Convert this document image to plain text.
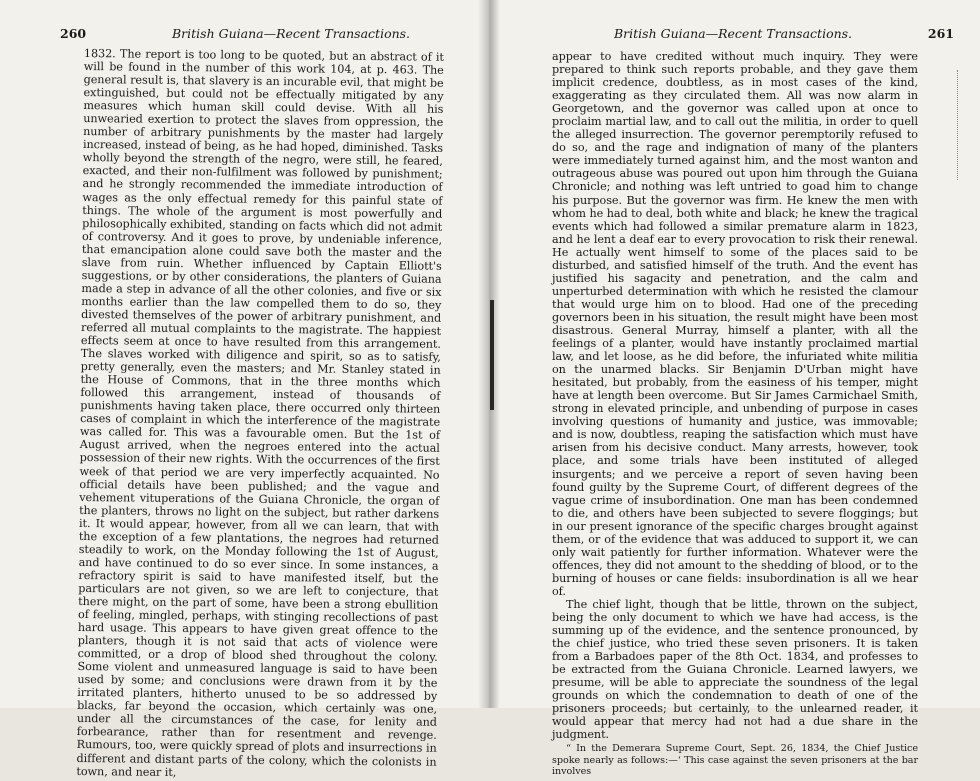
260	British Guiana—Recent Transactions.

1832. The report is too long to be quoted, but an abstract of it will be found in the number of this work 104, at p. 463. The general result is, that slavery is an incurable evil, that might be extinguished, but could not be effectually mitigated by any measures which human skill could devise. With all his unwearied exertion to protect the slaves from oppression, the number of arbitrary punishments by the master had largely increased, instead of being, as he had hoped, diminished. Tasks wholly beyond the strength of the negro, were still, he feared, exacted, and their non-fulfilment was followed by punishment; and he strongly recommended the immediate introduction of wages as the only effectual remedy for this painful state of things. The whole of the argument is most powerfully and philosophically exhibited, standing on facts which did not admit of controversy. And it goes to prove, by undeniable inference, that emancipation alone could save both the master and the slave from ruin. Whether influenced by Captain Elliott's suggestions, or by other considerations, the planters of Guiana made a step in advance of all the other colonies, and five or six months earlier than the law compelled them to do so, they divested themselves of the power of arbitrary punishment, and referred all mutual complaints to the magistrate. The happiest effects seem at once to have resulted from this arrangement. The slaves worked with diligence and spirit, so as to satisfy, pretty generally, even the masters; and Mr. Stanley stated in the House of Commons, that in the three months which followed this arrangement, instead of thousands of punishments having taken place, there occurred only thirteen cases of complaint in which the interference of the magistrate was called for. This was a favourable omen. But the 1st of August arrived, when the negroes entered into the actual possession of their new rights. With the occurrences of the first week of that period we are very imperfectly acquainted. No official details have been published; and the vague and vehement vituperations of the Guiana Chronicle, the organ of the planters, throws no light on the subject, but rather darkens it. It would appear, however, from all we can learn, that with the exception of a few plantations, the negroes had returned steadily to work, on the Monday following the 1st of August, and have continued to do so ever since. In some instances, a refractory spirit is said to have manifested itself, but the particulars are not given, so we are left to conjecture, that there might, on the part of some, have been a strong ebullition of feeling, mingled, perhaps, with stinging recollections of past hard usage. This appears to have given great offence to the planters, though it is not said that acts of violence were committed, or a drop of blood shed throughout the colony. Some violent and unmeasured language is said to have been used by some; and conclusions were drawn from it by the irritated planters, hitherto unused to be so addressed by blacks, far beyond the occasion, which certainly was one, under all the circumstances of the case, for lenity and forbearance, rather than for resentment and revenge. Rumours, too, were quickly spread of plots and insurrections in different and distant parts of the colony, which the colonists in town, and near it,

British Guiana—Recent Transactions.	261

appear to have credited without much inquiry. They were prepared to think such reports probable, and they gave them implicit credence, doubtless, as in most cases of the kind, exaggerating as they circulated them. All was now alarm in Georgetown, and the governor was called upon at once to proclaim martial law, and to call out the militia, in order to quell the alleged insurrection. The governor peremptorily refused to do so, and the rage and indignation of many of the planters were immediately turned against him, and the most wanton and outrageous abuse was poured out upon him through the Guiana Chronicle; and nothing was left untried to goad him to change his purpose. But the governor was firm. He knew the men with whom he had to deal, both white and black; he knew the tragical events which had followed a similar premature alarm in 1823, and he lent a deaf ear to every provocation to risk their renewal. He actually went himself to some of the places said to be disturbed, and satisfied himself of the truth. And the event has justified his sagacity and penetration, and the calm and unperturbed determination with which he resisted the clamour that would urge him on to blood. Had one of the preceding governors been in his situation, the result might have been most disastrous. General Murray, himself a planter, with all the feelings of a planter, would have instantly proclaimed martial law, and let loose, as he did before, the infuriated white militia on the unarmed blacks. Sir Benjamin D'Urban might have hesitated, but probably, from the easiness of his temper, might have at length been overcome. But Sir James Carmichael Smith, strong in elevated principle, and unbending of purpose in cases involving questions of humanity and justice, was immovable; and is now, doubtless, reaping the satisfaction which must have arisen from his decisive conduct. Many arrests, however, took place, and some trials have been instituted of alleged insurgents; and we perceive a report of seven having been found guilty by the Supreme Court, of different degrees of the vague crime of insubordination. One man has been condemned to die, and others have been subjected to severe floggings; but in our present ignorance of the specific charges brought against them, or of the evidence that was adduced to support it, we can only wait patiently for further information. Whatever were the offences, they did not amount to the shedding of blood, or to the burning of houses or cane fields: insubordination is all we hear of.

The chief light, though that be little, thrown on the subject, being the only document to which we have had access, is the summing up of the evidence, and the sentence pronounced, by the chief justice, who tried these seven prisoners. It is taken from a Barbadoes paper of the 8th Oct. 1834, and professes to be extracted from the Guiana Chronicle. Learned lawyers, we presume, will be able to appreciate the soundness of the legal grounds on which the condemnation to death of one of the prisoners proceeds; but certainly, to the unlearned reader, it would appear that mercy had not had a due share in the judgment.

“ In the Demerara Supreme Court, Sept. 26, 1834, the Chief Justice spoke nearly as follows:—‘ This case against the seven prisoners at the bar involves
